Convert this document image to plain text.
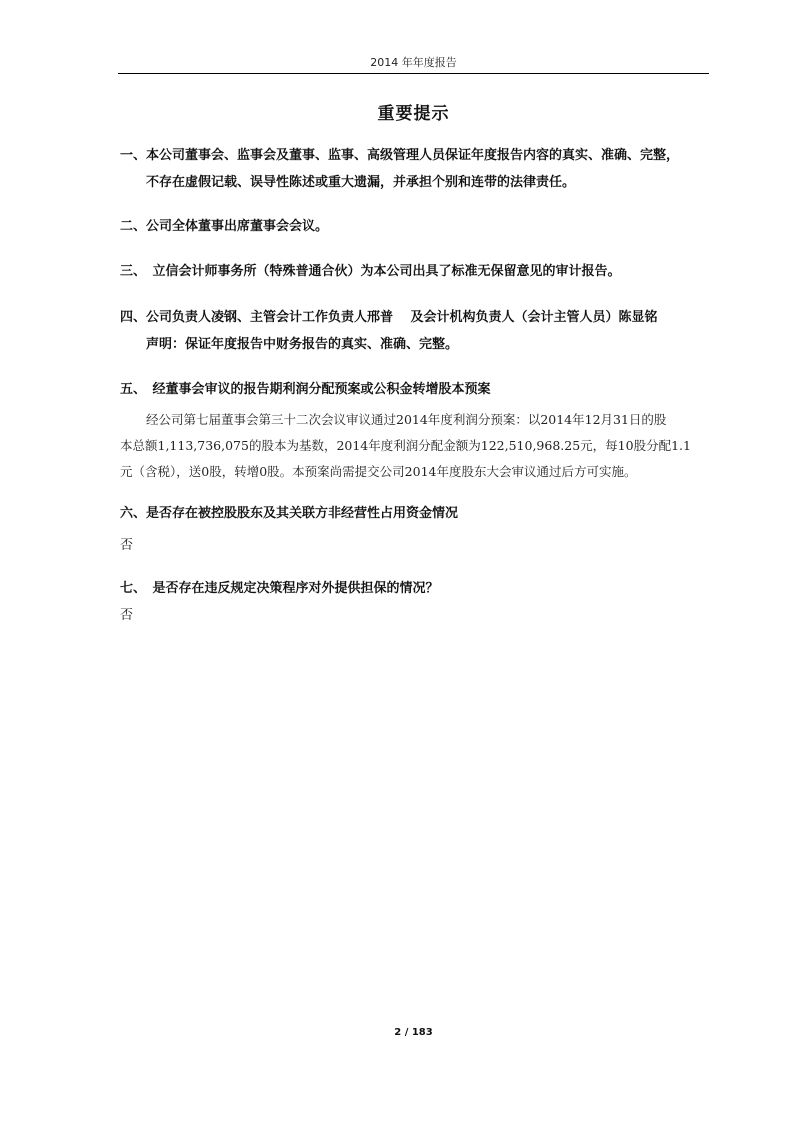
2014 年年度报告
重要提示
一、本公司董事会、监事会及董事、监事、高级管理人员保证年度报告内容的真实、准确、完整，
不存在虚假记载、误导性陈述或重大遗漏，并承担个别和连带的法律责任。
二、公司全体董事出席董事会会议。
三、　立信会计师事务所（特殊普通合伙）为本公司出具了标准无保留意见的审计报告。
四、公司负责人凌钢、主管会计工作负责人邢普　 及会计机构负责人（会计主管人员）陈显铭
声明：保证年度报告中财务报告的真实、准确、完整。
五、　经董事会审议的报告期利润分配预案或公积金转增股本预案
经公司第七届董事会第三十二次会议审议通过2014年度利润分预案：以2014年12月31日的股
本总额1,113,736,075的股本为基数，2014年度利润分配金额为122,510,968.25元，每10股分配1.1
元（含税），送0股，转增0股。本预案尚需提交公司2014年度股东大会审议通过后方可实施。
六、是否存在被控股股东及其关联方非经营性占用资金情况
否
七、　是否存在违反规定决策程序对外提供担保的情况？
否
2 / 183
